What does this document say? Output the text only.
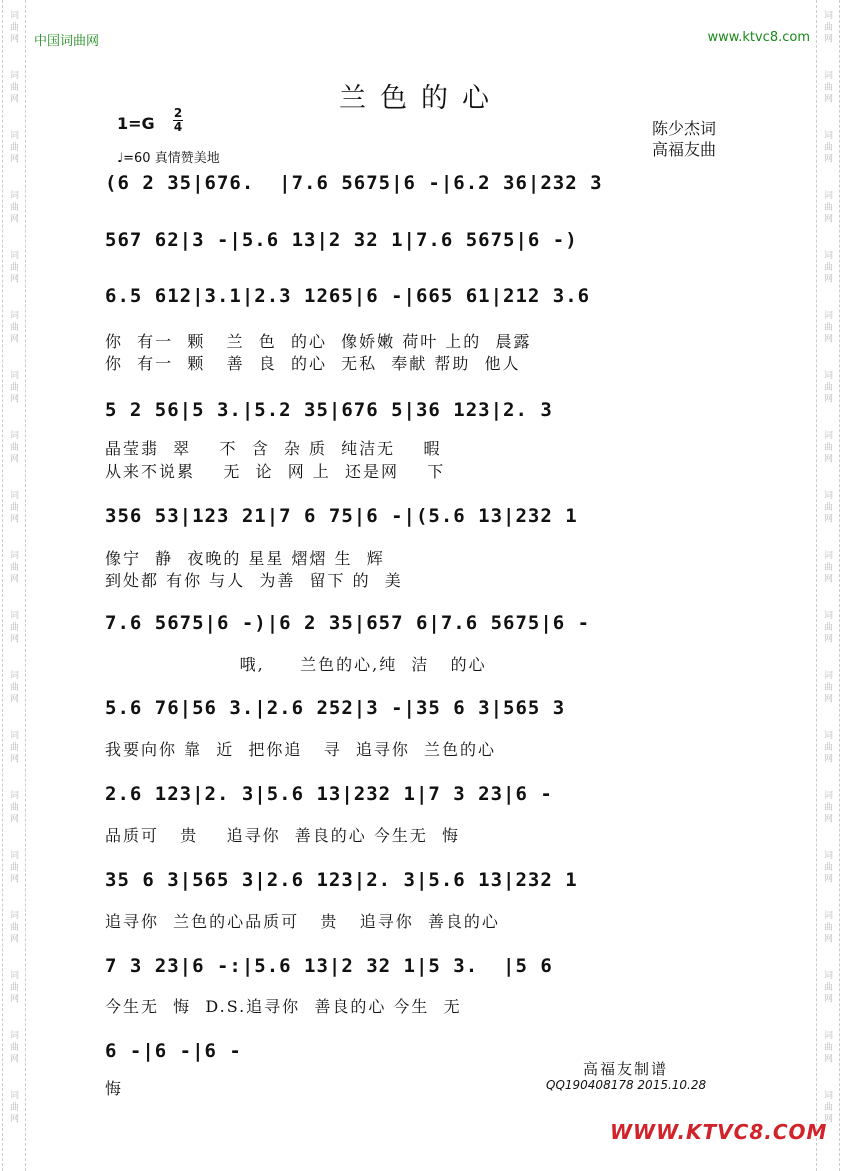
词 曲 网
词 曲 网
词 曲 网
词 曲 网
词 曲 网
词 曲 网
词 曲 网
词 曲 网
词 曲 网
词 曲 网
词 曲 网
词 曲 网
词 曲 网
词 曲 网
词 曲 网
词 曲 网
词 曲 网
词 曲 网
词 曲 网
词 曲 网
词 曲 网
词 曲 网
词 曲 网
词 曲 网
词 曲 网
词 曲 网
词 曲 网
词 曲 网
词 曲 网
词 曲 网
词 曲 网
词 曲 网
词 曲 网
词 曲 网
词 曲 网
词 曲 网
词 曲 网
词 曲 网
中国词曲网	www.ktvc8.com
兰色的心
1=G
2
4
♩=60 真情赞美地
陈少杰词
高福友曲
(6 2 35|676.  |7.6 5675|6 -|6.2 36|232 3
567 62|3 -|5.6 13|2 32 1|7.6 5675|6 -)
6.5 612|3.1|2.3 1265|6 -|665 61|212 3.6
你  有一  颗   兰  色  的心  像娇嫩 荷叶 上的  晨露
你  有一  颗   善  良  的心  无私  奉献 帮助  他人
5 2 56|5 3.|5.2 35|676 5|36 123|2. 3
晶莹翡  翠    不  含  杂 质  纯洁无    暇
从来不说累    无  论  网 上  还是网    下
356 53|123 21|7 6 75|6 -|(5.6 13|232 1
像宁  静  夜晚的 星星 熠熠 生  辉
到处都 有你 与人  为善  留下 的  美
7.6 5675|6 -)|6 2 35|657 6|7.6 5675|6 -
哦,     兰色的心,纯  洁   的心
5.6 76|56 3.|2.6 252|3 -|35 6 3|565 3
我要向你 靠  近  把你追   寻  追寻你  兰色的心
2.6 123|2. 3|5.6 13|232 1|7 3 23|6 -
品质可   贵    追寻你  善良的心 今生无  悔
35 6 3|565 3|2.6 123|2. 3|5.6 13|232 1
追寻你  兰色的心品质可   贵   追寻你  善良的心
7 3 23|6 -:|5.6 13|2 32 1|5 3.  |5 6
今生无  悔  D.S.追寻你  善良的心 今生  无
6 -|6 -|6 -
悔
高福友制谱
QQ190408178 2015.10.28
WWW.KTVC8.COM
